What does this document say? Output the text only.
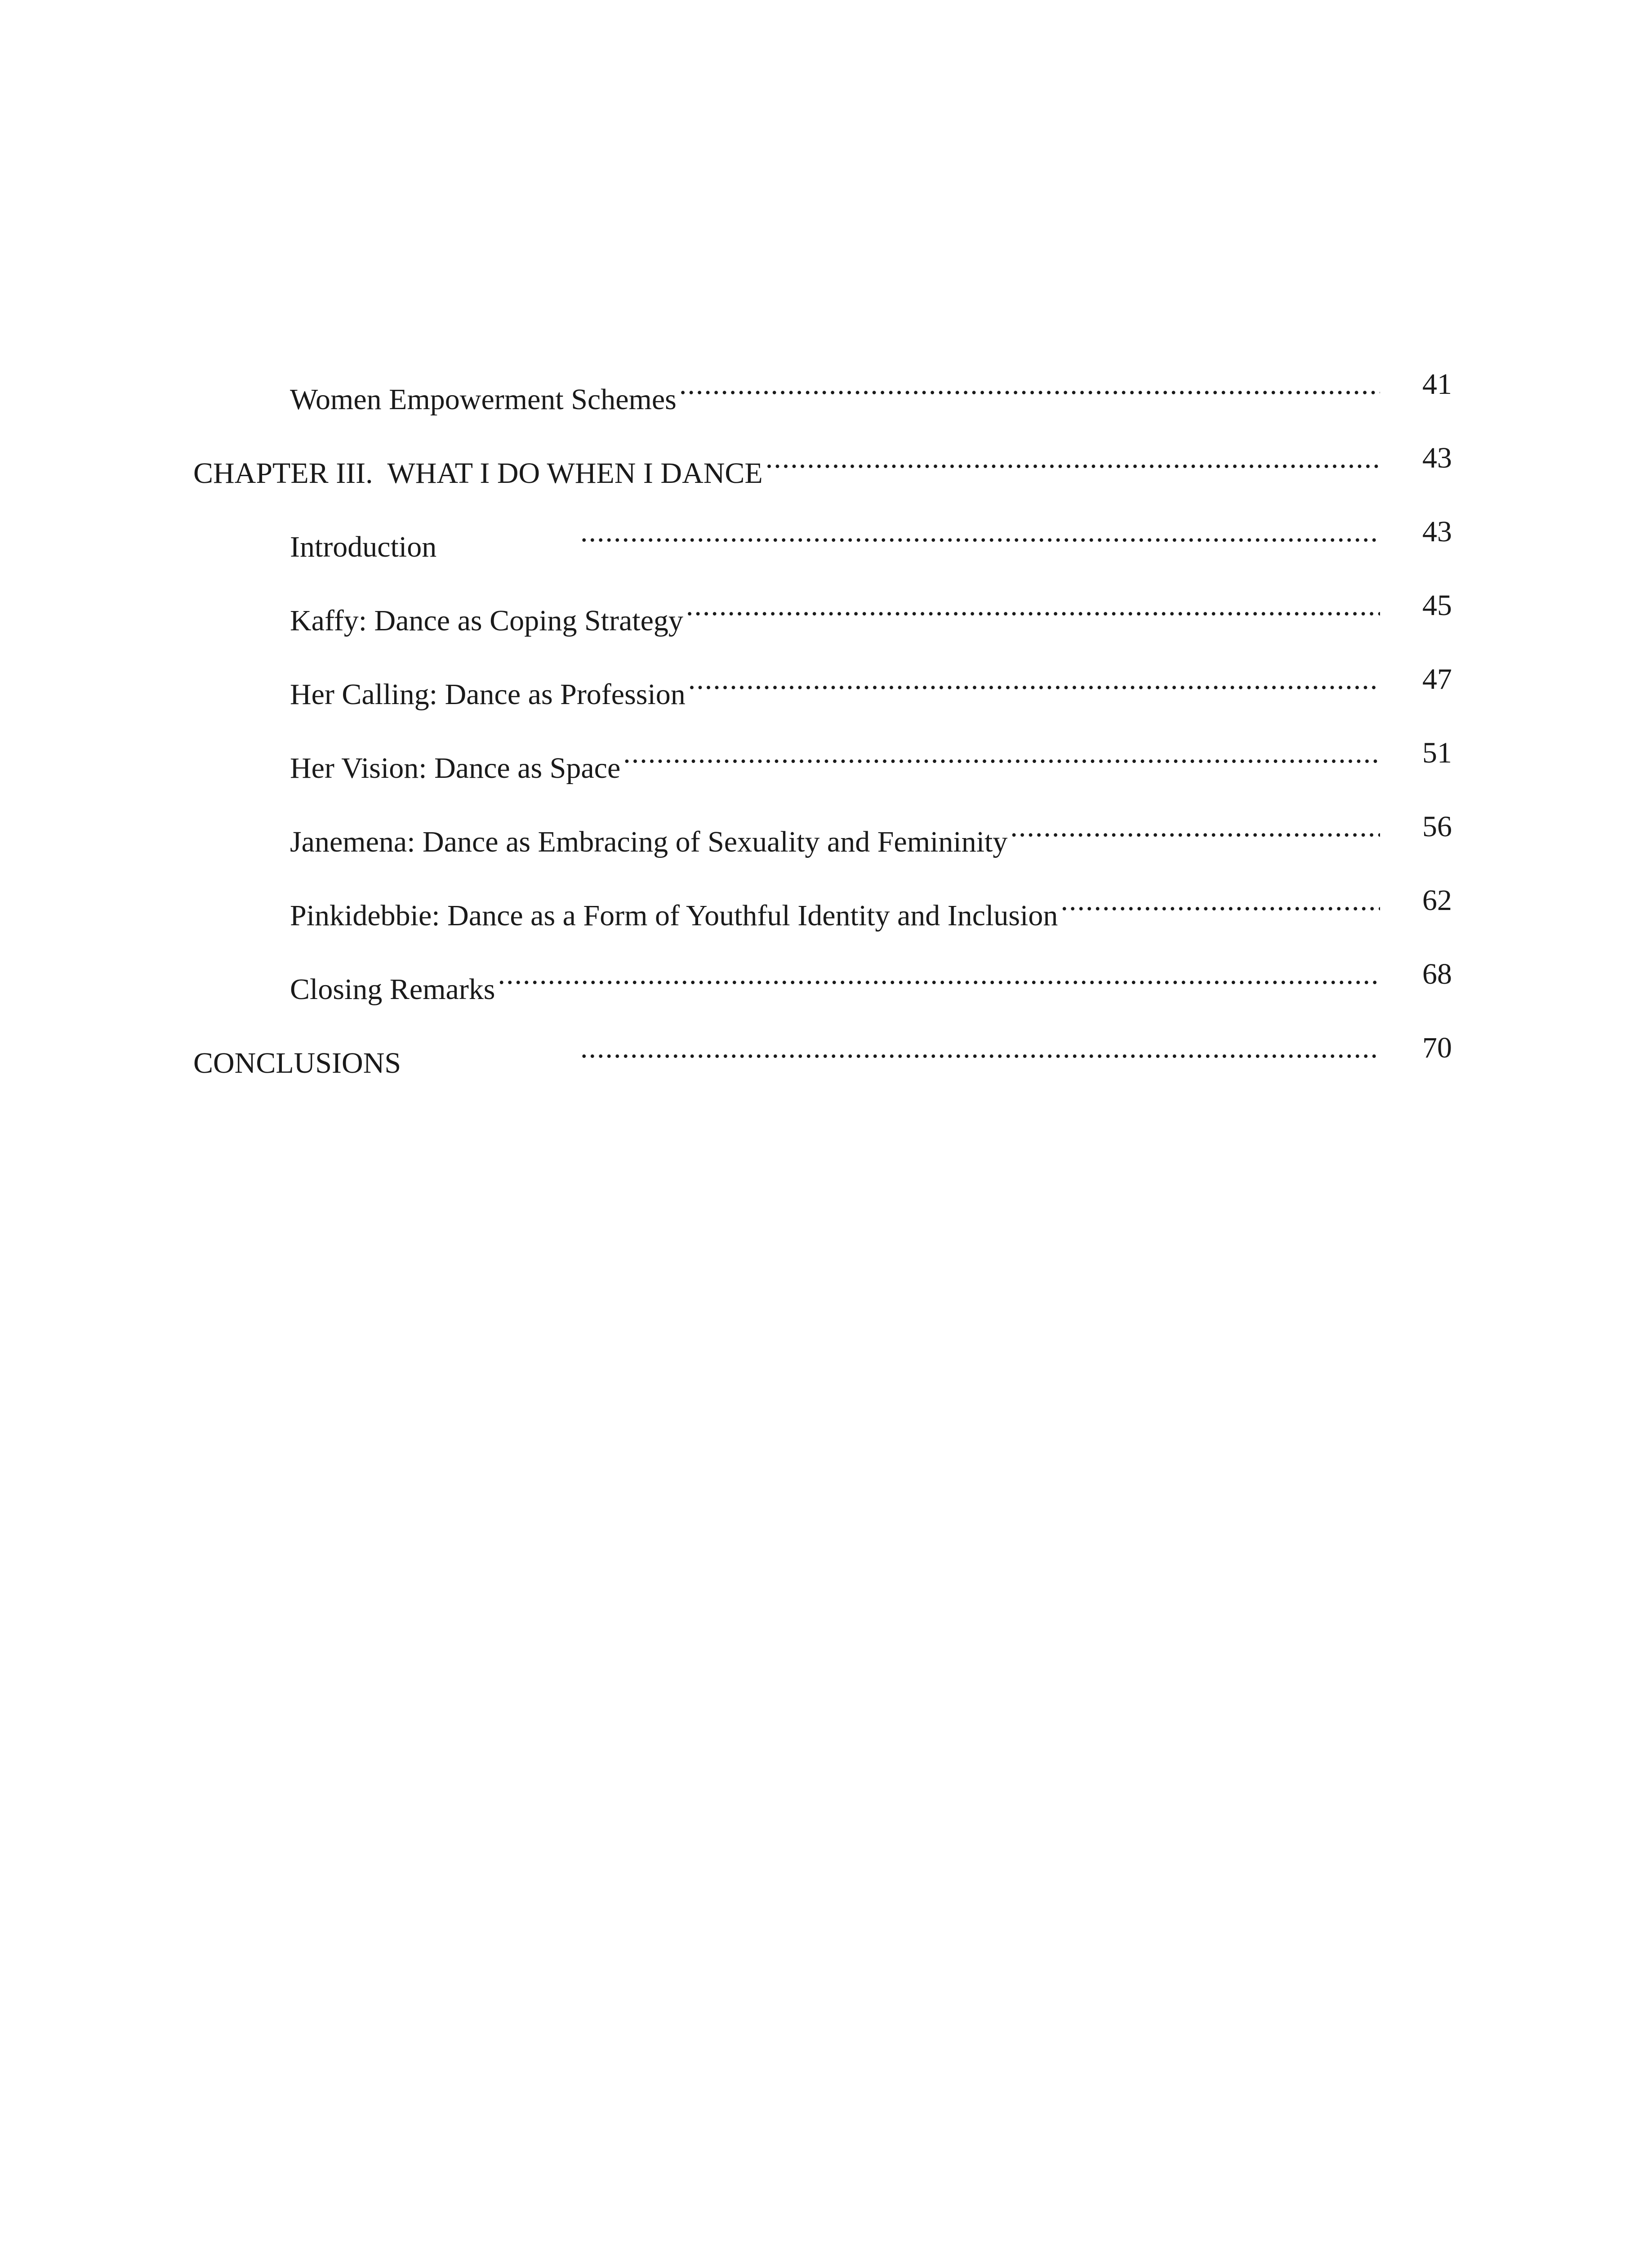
Women Empowerment Schemes .....	41
CHAPTER III.  WHAT I DO WHEN I DANCE .....	43
Introduction .....	43
Kaffy: Dance as Coping Strategy .....	45
Her Calling: Dance as Profession .....	47
Her Vision: Dance as Space .....	51
Janemena: Dance as Embracing of Sexuality and Femininity .....	56
Pinkidebbie: Dance as a Form of Youthful Identity and Inclusion .....	62
Closing Remarks .....	68
CONCLUSIONS .....	70
